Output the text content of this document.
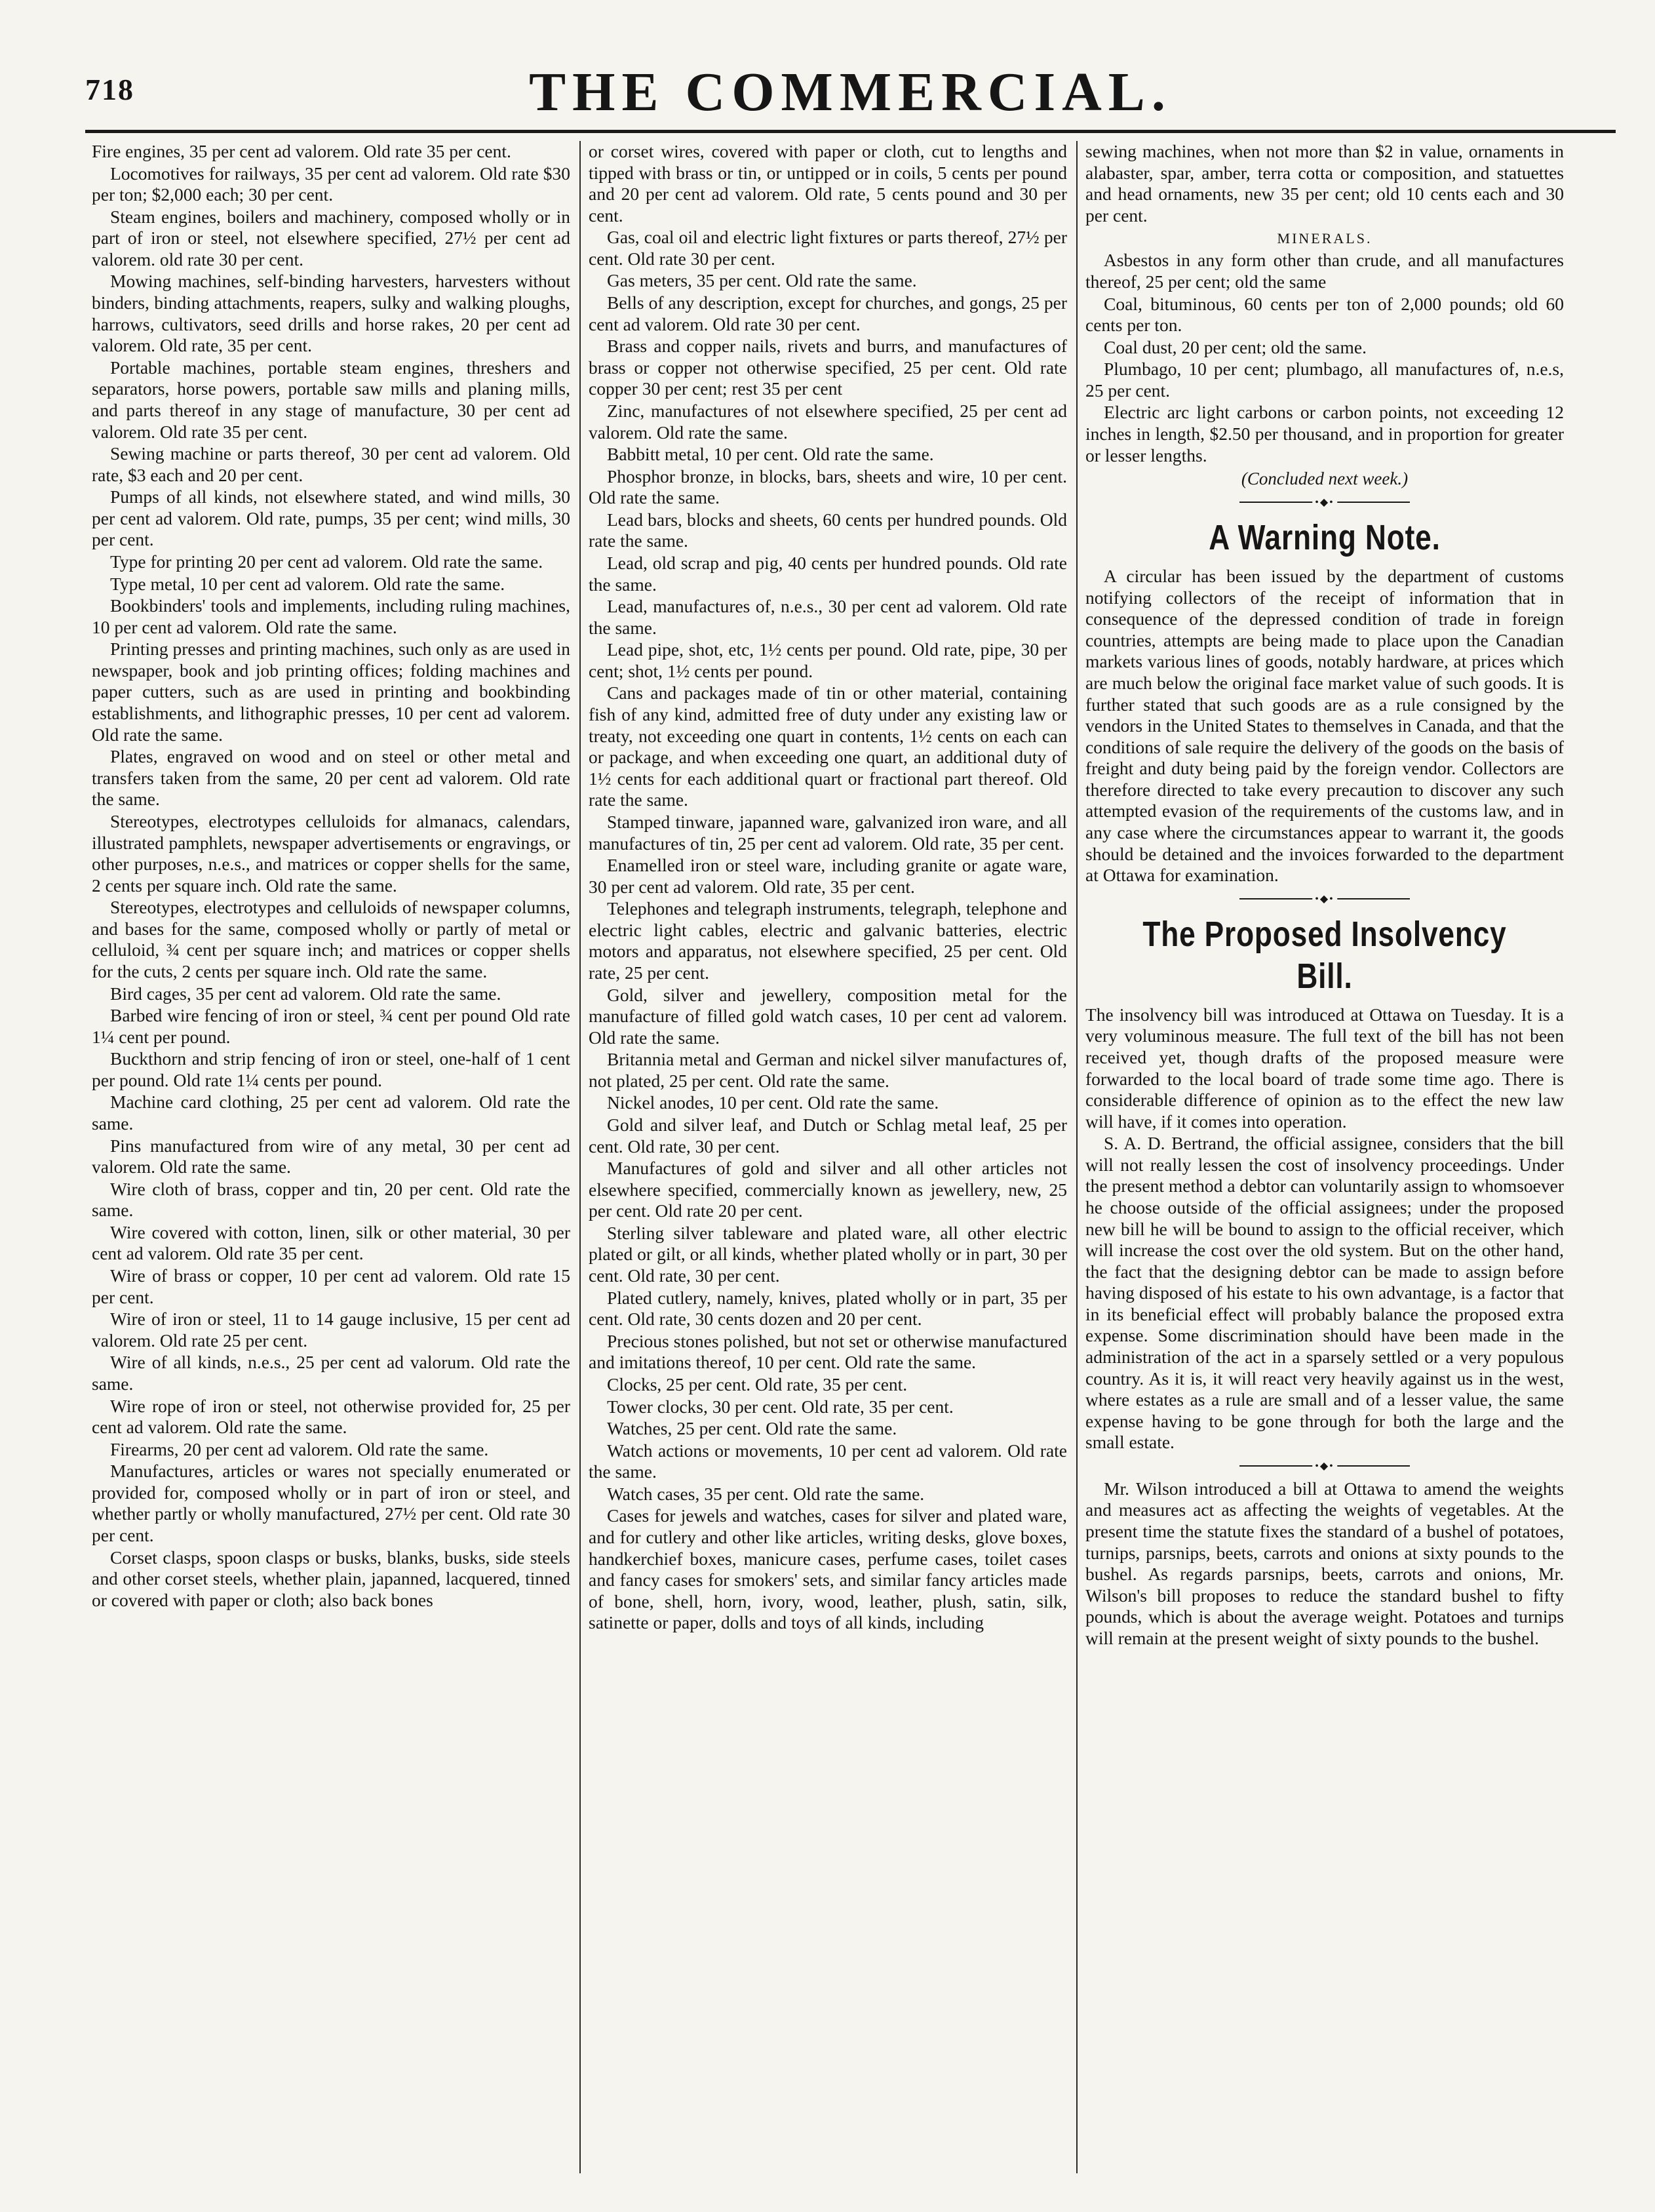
718	THE COMMERCIAL.

Fire engines, 35 per cent ad valorem. Old rate 35 per cent.

Locomotives for railways, 35 per cent ad valorem. Old rate $30 per ton; $2,000 each; 30 per cent.

Steam engines, boilers and machinery, composed wholly or in part of iron or steel, not elsewhere specified, 27½ per cent ad valorem. old rate 30 per cent.

Mowing machines, self-binding harvesters, harvesters without binders, binding attachments, reapers, sulky and walking ploughs, harrows, cultivators, seed drills and horse rakes, 20 per cent ad valorem. Old rate, 35 per cent.

Portable machines, portable steam engines, threshers and separators, horse powers, portable saw mills and planing mills, and parts thereof in any stage of manufacture, 30 per cent ad valorem. Old rate 35 per cent.

Sewing machine or parts thereof, 30 per cent ad valorem. Old rate, $3 each and 20 per cent.

Pumps of all kinds, not elsewhere stated, and wind mills, 30 per cent ad valorem. Old rate, pumps, 35 per cent; wind mills, 30 per cent.

Type for printing 20 per cent ad valorem. Old rate the same.

Type metal, 10 per cent ad valorem. Old rate the same.

Bookbinders' tools and implements, including ruling machines, 10 per cent ad valorem. Old rate the same.

Printing presses and printing machines, such only as are used in newspaper, book and job printing offices; folding machines and paper cutters, such as are used in printing and bookbinding establishments, and lithographic presses, 10 per cent ad valorem. Old rate the same.

Plates, engraved on wood and on steel or other metal and transfers taken from the same, 20 per cent ad valorem. Old rate the same.

Stereotypes, electrotypes celluloids for almanacs, calendars, illustrated pamphlets, newspaper advertisements or engravings, or other purposes, n.e.s., and matrices or copper shells for the same, 2 cents per square inch. Old rate the same.

Stereotypes, electrotypes and celluloids of newspaper columns, and bases for the same, composed wholly or partly of metal or celluloid, ¾ cent per square inch; and matrices or copper shells for the cuts, 2 cents per square inch. Old rate the same.

Bird cages, 35 per cent ad valorem. Old rate the same.

Barbed wire fencing of iron or steel, ¾ cent per pound Old rate 1¼ cent per pound.

Buckthorn and strip fencing of iron or steel, one-half of 1 cent per pound. Old rate 1¼ cents per pound.

Machine card clothing, 25 per cent ad valorem. Old rate the same.

Pins manufactured from wire of any metal, 30 per cent ad valorem. Old rate the same.

Wire cloth of brass, copper and tin, 20 per cent. Old rate the same.

Wire covered with cotton, linen, silk or other material, 30 per cent ad valorem. Old rate 35 per cent.

Wire of brass or copper, 10 per cent ad valorem. Old rate 15 per cent.

Wire of iron or steel, 11 to 14 gauge inclusive, 15 per cent ad valorem. Old rate 25 per cent.

Wire of all kinds, n.e.s., 25 per cent ad valorum. Old rate the same.

Wire rope of iron or steel, not otherwise provided for, 25 per cent ad valorem. Old rate the same.

Firearms, 20 per cent ad valorem. Old rate the same.

Manufactures, articles or wares not specially enumerated or provided for, composed wholly or in part of iron or steel, and whether partly or wholly manufactured, 27½ per cent. Old rate 30 per cent.

Corset clasps, spoon clasps or busks, blanks, busks, side steels and other corset steels, whether plain, japanned, lacquered, tinned or covered with paper or cloth; also back bones

or corset wires, covered with paper or cloth, cut to lengths and tipped with brass or tin, or untipped or in coils, 5 cents per pound and 20 per cent ad valorem. Old rate, 5 cents pound and 30 per cent.

Gas, coal oil and electric light fixtures or parts thereof, 27½ per cent. Old rate 30 per cent.

Gas meters, 35 per cent. Old rate the same.

Bells of any description, except for churches, and gongs, 25 per cent ad valorem. Old rate 30 per cent.

Brass and copper nails, rivets and burrs, and manufactures of brass or copper not otherwise specified, 25 per cent. Old rate copper 30 per cent; rest 35 per cent

Zinc, manufactures of not elsewhere specified, 25 per cent ad valorem. Old rate the same.

Babbitt metal, 10 per cent. Old rate the same.

Phosphor bronze, in blocks, bars, sheets and wire, 10 per cent. Old rate the same.

Lead bars, blocks and sheets, 60 cents per hundred pounds. Old rate the same.

Lead, old scrap and pig, 40 cents per hundred pounds. Old rate the same.

Lead, manufactures of, n.e.s., 30 per cent ad valorem. Old rate the same.

Lead pipe, shot, etc, 1½ cents per pound. Old rate, pipe, 30 per cent; shot, 1½ cents per pound.

Cans and packages made of tin or other material, containing fish of any kind, admitted free of duty under any existing law or treaty, not exceeding one quart in contents, 1½ cents on each can or package, and when exceeding one quart, an additional duty of 1½ cents for each additional quart or fractional part thereof. Old rate the same.

Stamped tinware, japanned ware, galvanized iron ware, and all manufactures of tin, 25 per cent ad valorem. Old rate, 35 per cent.

Enamelled iron or steel ware, including granite or agate ware, 30 per cent ad valorem. Old rate, 35 per cent.

Telephones and telegraph instruments, telegraph, telephone and electric light cables, electric and galvanic batteries, electric motors and apparatus, not elsewhere specified, 25 per cent. Old rate, 25 per cent.

Gold, silver and jewellery, composition metal for the manufacture of filled gold watch cases, 10 per cent ad valorem. Old rate the same.

Britannia metal and German and nickel silver manufactures of, not plated, 25 per cent. Old rate the same.

Nickel anodes, 10 per cent. Old rate the same.

Gold and silver leaf, and Dutch or Schlag metal leaf, 25 per cent. Old rate, 30 per cent.

Manufactures of gold and silver and all other articles not elsewhere specified, commercially known as jewellery, new, 25 per cent. Old rate 20 per cent.

Sterling silver tableware and plated ware, all other electric plated or gilt, or all kinds, whether plated wholly or in part, 30 per cent. Old rate, 30 per cent.

Plated cutlery, namely, knives, plated wholly or in part, 35 per cent. Old rate, 30 cents dozen and 20 per cent.

Precious stones polished, but not set or otherwise manufactured and imitations thereof, 10 per cent. Old rate the same.

Clocks, 25 per cent. Old rate, 35 per cent.

Tower clocks, 30 per cent. Old rate, 35 per cent.

Watches, 25 per cent. Old rate the same.

Watch actions or movements, 10 per cent ad valorem. Old rate the same.

Watch cases, 35 per cent. Old rate the same.

Cases for jewels and watches, cases for silver and plated ware, and for cutlery and other like articles, writing desks, glove boxes, handkerchief boxes, manicure cases, perfume cases, toilet cases and fancy cases for smokers' sets, and similar fancy articles made of bone, shell, horn, ivory, wood, leather, plush, satin, silk, satinette or paper, dolls and toys of all kinds, including

sewing machines, when not more than $2 in value, ornaments in alabaster, spar, amber, terra cotta or composition, and statuettes and head ornaments, new 35 per cent; old 10 cents each and 30 per cent.

MINERALS.

Asbestos in any form other than crude, and all manufactures thereof, 25 per cent; old the same

Coal, bituminous, 60 cents per ton of 2,000 pounds; old 60 cents per ton.

Coal dust, 20 per cent; old the same.

Plumbago, 10 per cent; plumbago, all manufactures of, n.e.s, 25 per cent.

Electric arc light carbons or carbon points, not exceeding 12 inches in length, $2.50 per thousand, and in proportion for greater or lesser lengths.

(Concluded next week.)
•◆•
A Warning Note.

A circular has been issued by the department of customs notifying collectors of the receipt of information that in consequence of the depressed condition of trade in foreign countries, attempts are being made to place upon the Canadian markets various lines of goods, notably hardware, at prices which are much below the original face market value of such goods. It is further stated that such goods are as a rule consigned by the vendors in the United States to themselves in Canada, and that the conditions of sale require the delivery of the goods on the basis of freight and duty being paid by the foreign vendor. Collectors are therefore directed to take every precaution to discover any such attempted evasion of the requirements of the customs law, and in any case where the circumstances appear to warrant it, the goods should be detained and the invoices forwarded to the department at Ottawa for examination.

•◆•
The Proposed Insolvency Bill.

The insolvency bill was introduced at Ottawa on Tuesday. It is a very voluminous measure. The full text of the bill has not been received yet, though drafts of the proposed measure were forwarded to the local board of trade some time ago. There is considerable difference of opinion as to the effect the new law will have, if it comes into operation.

S. A. D. Bertrand, the official assignee, considers that the bill will not really lessen the cost of insolvency proceedings. Under the present method a debtor can voluntarily assign to whomsoever he choose outside of the official assignees; under the proposed new bill he will be bound to assign to the official receiver, which will increase the cost over the old system. But on the other hand, the fact that the designing debtor can be made to assign before having disposed of his estate to his own advantage, is a factor that in its beneficial effect will probably balance the proposed extra expense. Some discrimination should have been made in the administration of the act in a sparsely settled or a very populous country. As it is, it will react very heavily against us in the west, where estates as a rule are small and of a lesser value, the same expense having to be gone through for both the large and the small estate.

•◆•

Mr. Wilson introduced a bill at Ottawa to amend the weights and measures act as affecting the weights of vegetables. At the present time the statute fixes the standard of a bushel of potatoes, turnips, parsnips, beets, carrots and onions at sixty pounds to the bushel. As regards parsnips, beets, carrots and onions, Mr. Wilson's bill proposes to reduce the standard bushel to fifty pounds, which is about the average weight. Potatoes and turnips will remain at the present weight of sixty pounds to the bushel.
